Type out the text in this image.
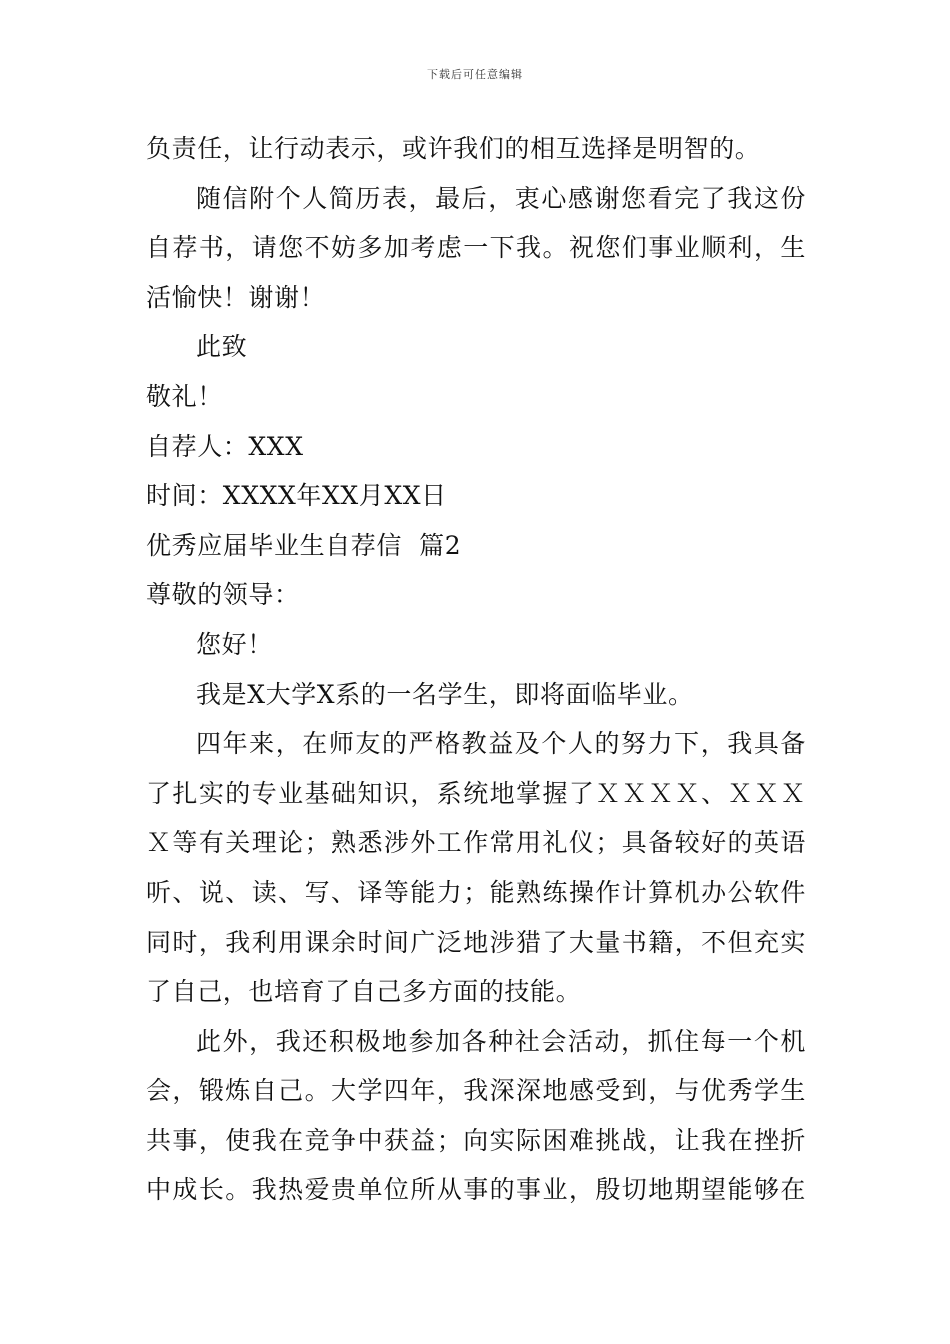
下载后可任意编辑
负责任，让行动表示，或许我们的相互选择是明智的。
随信附个人简历表，最后，衷心感谢您看完了我这份
自荐书，请您不妨多加考虑一下我。祝您们事业顺利，生
活愉快！谢谢！
此致
敬礼！
自荐人：XXX
时间：XXXX年XX月XX日
优秀应届毕业生自荐信  篇2
尊敬的领导：
您好！
我是X大学X系的一名学生，即将面临毕业。
四年来，在师友的严格教益及个人的努力下，我具备
了扎实的专业基础知识，系统地掌握了ＸＸＸＸ、ＸＸＸ
Ｘ等有关理论；熟悉涉外工作常用礼仪；具备较好的英语
听、说、读、写、译等能力；能熟练操作计算机办公软件
同时，我利用课余时间广泛地涉猎了大量书籍，不但充实
了自己，也培育了自己多方面的技能。
此外，我还积极地参加各种社会活动，抓住每一个机
会，锻炼自己。大学四年，我深深地感受到，与优秀学生
共事，使我在竞争中获益；向实际困难挑战，让我在挫折
中成长。我热爱贵单位所从事的事业，殷切地期望能够在
